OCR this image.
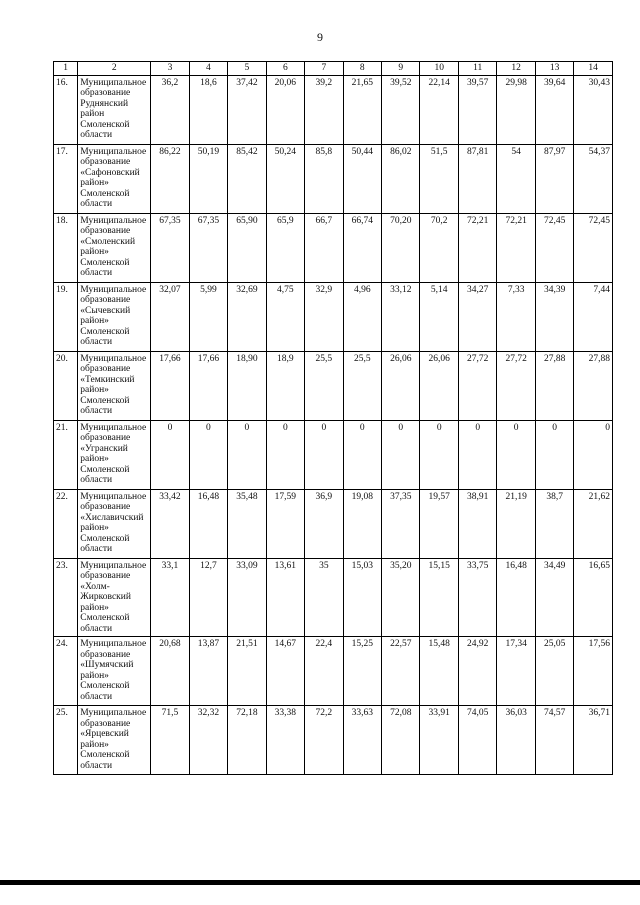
9
1	2	3	4	5	6	7	8	9	10	11	12	13	14
16.	Муниципальное образование Руднянский район Смоленской области	36,2	18,6	37,42	20,06	39,2	21,65	39,52	22,14	39,57	29,98	39,64	30,43
17.	Муниципальное образование «Сафоновский район» Смоленской области	86,22	50,19	85,42	50,24	85,8	50,44	86,02	51,5	87,81	54	87,97	54,37
18.	Муниципальное образование «Смоленский район» Смоленской области	67,35	67,35	65,90	65,9	66,7	66,74	70,20	70,2	72,21	72,21	72,45	72,45
19.	Муниципальное образование «Сычевский район» Смоленской области	32,07	5,99	32,69	4,75	32,9	4,96	33,12	5,14	34,27	7,33	34,39	7,44
20.	Муниципальное образование «Темкинский район» Смоленской области	17,66	17,66	18,90	18,9	25,5	25,5	26,06	26,06	27,72	27,72	27,88	27,88
21.	Муниципальное образование «Угранский район» Смоленской области	0	0	0	0	0	0	0	0	0	0	0	0
22.	Муниципальное образование «Хиславичский район» Смоленской области	33,42	16,48	35,48	17,59	36,9	19,08	37,35	19,57	38,91	21,19	38,7	21,62
23.	Муниципальное образование «Холм-Жирковский район» Смоленской области	33,1	12,7	33,09	13,61	35	15,03	35,20	15,15	33,75	16,48	34,49	16,65
24.	Муниципальное образование «Шумячский район» Смоленской области	20,68	13,87	21,51	14,67	22,4	15,25	22,57	15,48	24,92	17,34	25,05	17,56
25.	Муниципальное образование «Ярцевский район» Смоленской области	71,5	32,32	72,18	33,38	72,2	33,63	72,08	33,91	74,05	36,03	74,57	36,71
